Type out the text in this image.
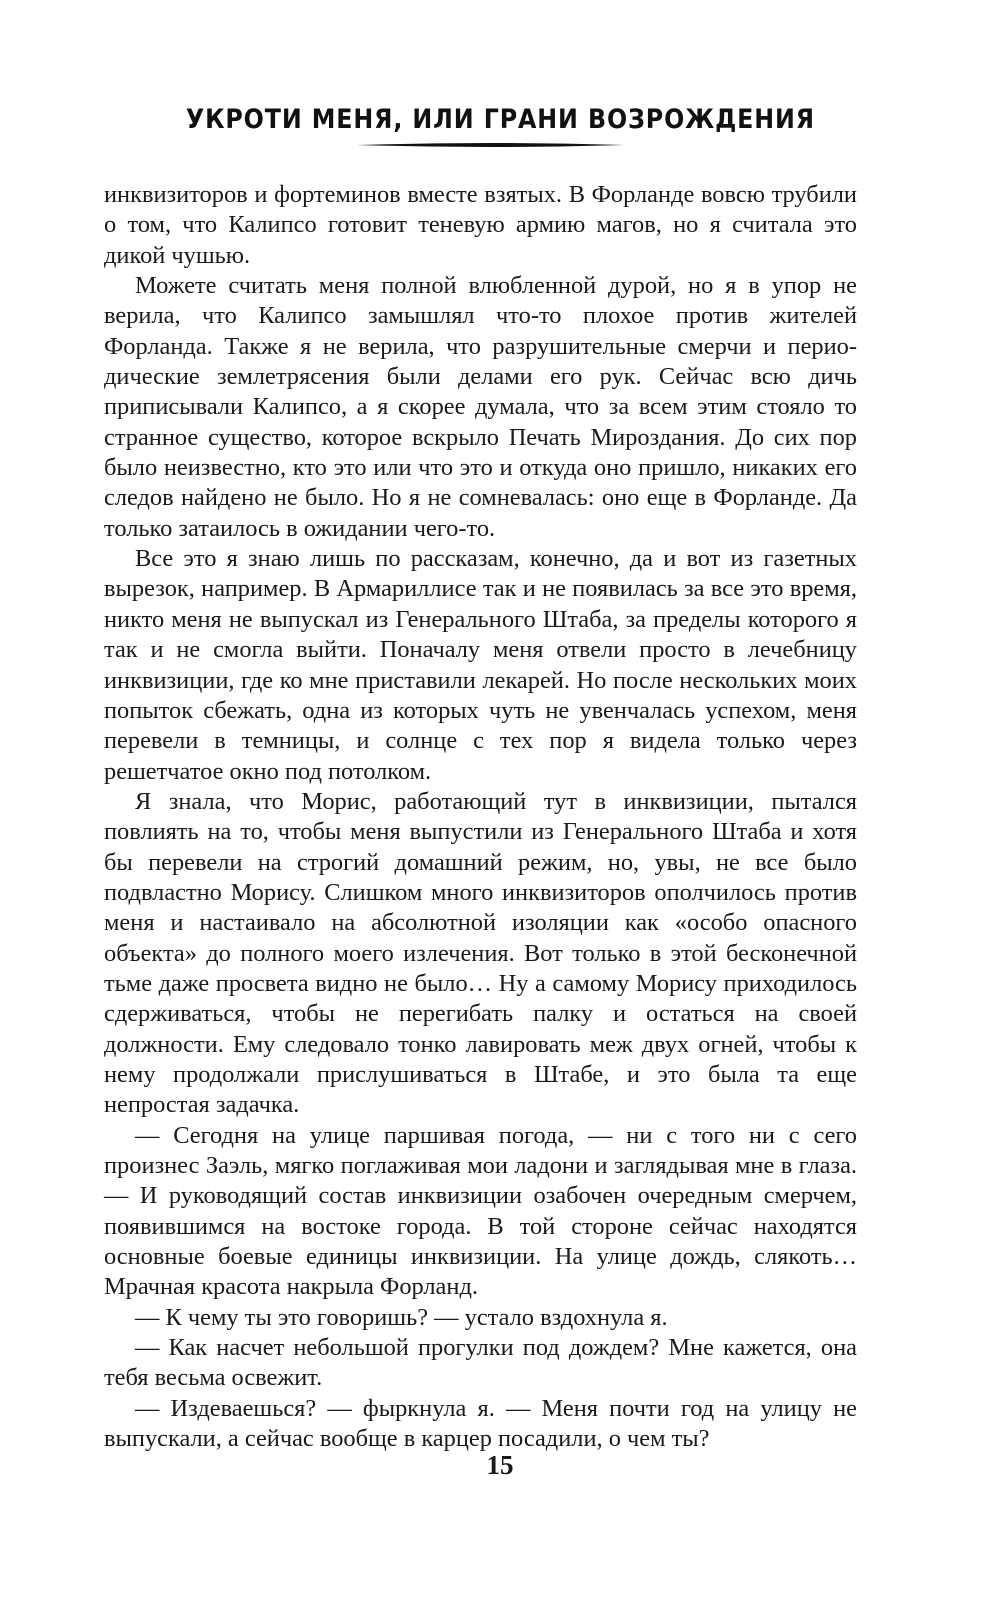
УКРОТИ МЕНЯ, ИЛИ ГРАНИ ВОЗРОЖДЕНИЯ

инквизиторов и фортеминов вместе взятых. В Форланде вовсю трубили о том, что Калипсо готовит теневую армию магов, но я считала это дикой чушью.

Можете считать меня полной влюбленной дурой, но я в упор не верила, что Калипсо замышлял что-то плохое против жителей Форланда. Также я не верила, что разрушительные смерчи и периодические землетрясения были делами его рук. Сейчас всю дичь приписывали Калипсо, а я скорее думала, что за всем этим стояло то странное существо, которое вскрыло Печать Мироздания. До сих пор было неизвестно, кто это или что это и откуда оно пришло, никаких его следов найдено не было. Но я не сомневалась: оно еще в Форланде. Да только затаилось в ожидании чего-то.

Все это я знаю лишь по рассказам, конечно, да и вот из газетных вырезок, например. В Армариллисе так и не появилась за все это время, никто меня не выпускал из Генерального Штаба, за пределы которого я так и не смогла выйти. Поначалу меня отвели просто в лечебницу инквизиции, где ко мне приставили лекарей. Но после нескольких моих попыток сбежать, одна из которых чуть не увенчалась успехом, меня перевели в темницы, и солнце с тех пор я видела только через решетчатое окно под потолком.

Я знала, что Морис, работающий тут в инквизиции, пытался повлиять на то, чтобы меня выпустили из Генерального Штаба и хотя бы перевели на строгий домашний режим, но, увы, не все было подвластно Морису. Слишком много инквизиторов ополчилось против меня и настаивало на абсолютной изоляции как «особо опасного объекта» до полного моего излечения. Вот только в этой бесконечной тьме даже просвета видно не было… Ну а самому Морису приходилось сдерживаться, чтобы не перегибать палку и остаться на своей должности. Ему следовало тонко лавировать меж двух огней, чтобы к нему продолжали прислушиваться в Штабе, и это была та еще непростая задачка.

— Сегодня на улице паршивая погода, — ни с того ни с сего произнес Заэль, мягко поглаживая мои ладони и заглядывая мне в глаза. — И руководящий состав инквизиции озабочен очередным смерчем, появившимся на востоке города. В той стороне сейчас находятся основные боевые единицы инквизиции. На улице дождь, слякоть… Мрачная красота накрыла Форланд.

— К чему ты это говоришь? — устало вздохнула я.

— Как насчет небольшой прогулки под дождем? Мне кажется, она тебя весьма освежит.

— Издеваешься? — фыркнула я. — Меня почти год на улицу не выпускали, а сейчас вообще в карцер посадили, о чем ты?

15
